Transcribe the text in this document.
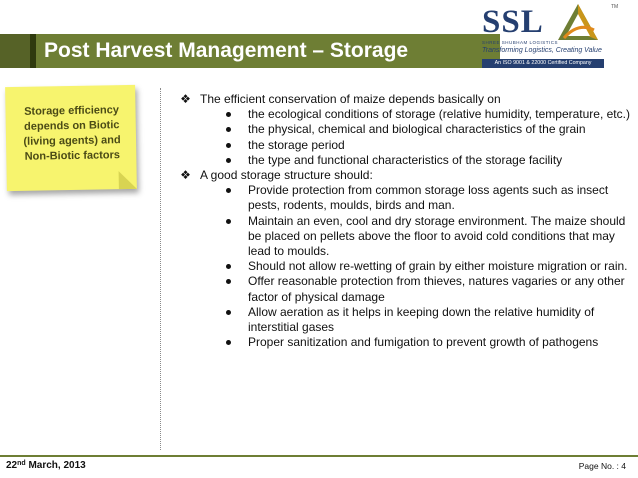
Post Harvest Management – Storage
SSL	TM
SHREE SHUBHAM LOGISTICS
Transforming Logistics, Creating Value
An ISO 9001 & 22000 Certified Company
Storage efficiency
depends on Biotic
(living agents) and
Non-Biotic factors
❖ The efficient conservation of maize depends basically on
the ecological conditions of storage (relative humidity, temperature, etc.)
the physical, chemical and biological characteristics of the grain
the storage period
the type and functional characteristics of the storage facility
❖ A good storage structure should:
Provide protection from common storage loss agents such as insect pests, rodents, moulds, birds and man.
Maintain an even, cool and dry storage environment. The maize should be placed on pellets above the floor to avoid cold conditions that may lead to moulds.
Should not allow re-wetting of grain by either moisture migration or rain.
Offer reasonable protection from thieves, natures vagaries or any other factor of physical damage
Allow aeration as it helps in keeping down the relative humidity of interstitial gases
Proper sanitization and fumigation to prevent growth of pathogens
22nd March, 2013	Page No. : 4
